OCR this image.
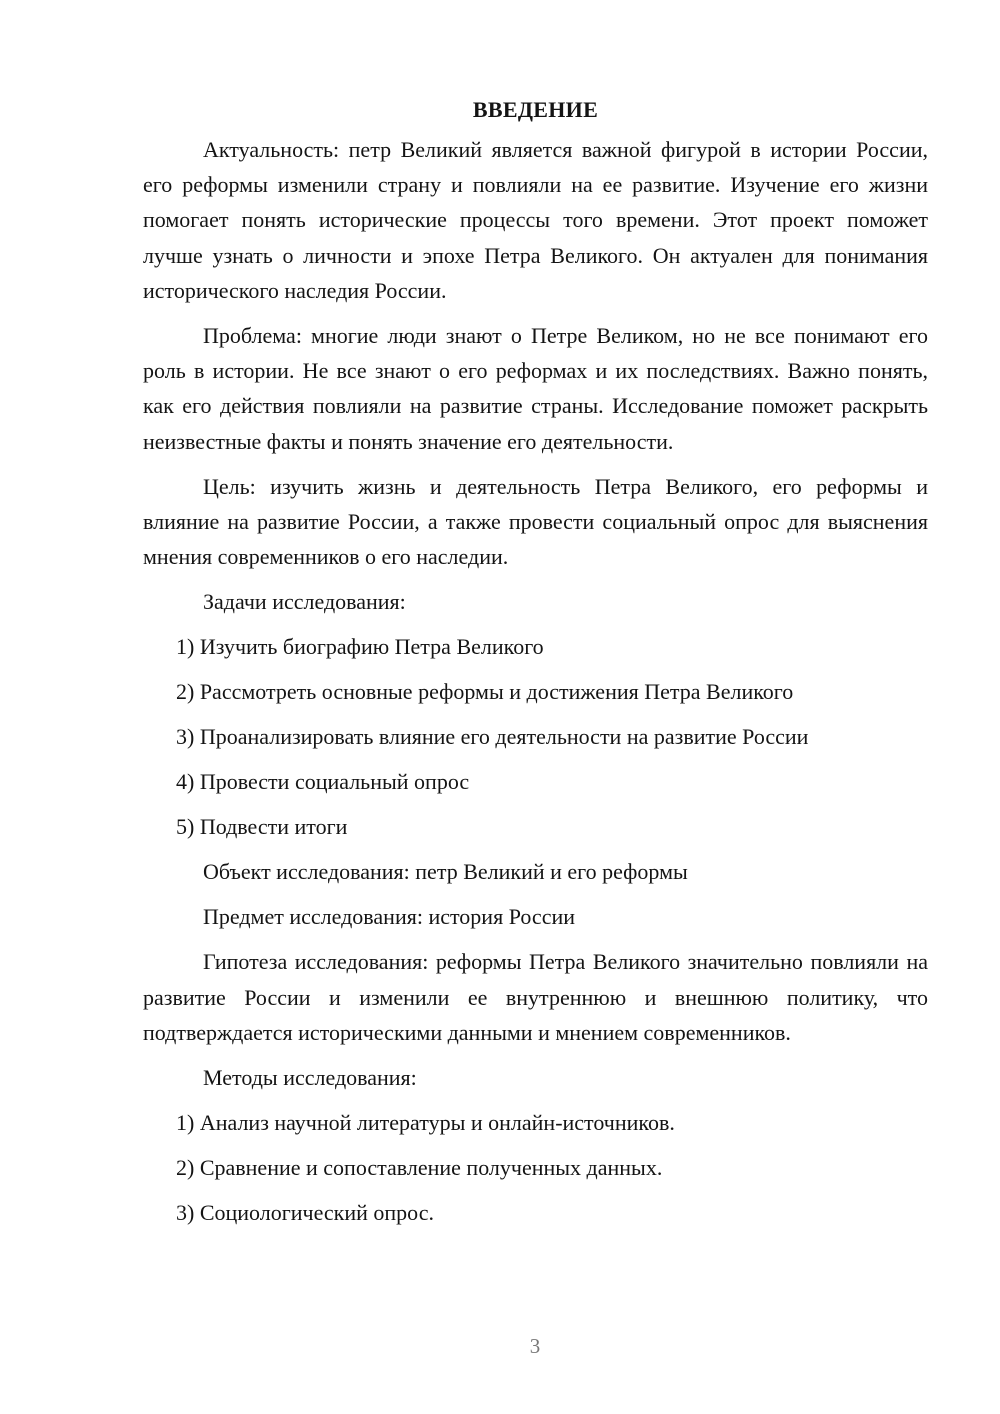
ВВЕДЕНИЕ

Актуальность: петр Великий является важной фигурой в истории России, его реформы изменили страну и повлияли на ее развитие. Изучение его жизни помогает понять исторические процессы того времени. Этот проект поможет лучше узнать о личности и эпохе Петра Великого. Он актуален для понимания исторического наследия России.

Проблема: многие люди знают о Петре Великом, но не все понимают его роль в истории. Не все знают о его реформах и их последствиях. Важно понять, как его действия повлияли на развитие страны. Исследование поможет раскрыть неизвестные факты и понять значение его деятельности.

Цель: изучить жизнь и деятельность Петра Великого, его реформы и влияние на развитие России, а также провести социальный опрос для выяснения мнения современников о его наследии.

Задачи исследования:
1) Изучить биографию Петра Великого
2) Рассмотреть основные реформы и достижения Петра Великого
3) Проанализировать влияние его деятельности на развитие России
4) Провести социальный опрос
5) Подвести итоги
Объект исследования: петр Великий и его реформы
Предмет исследования: история России

Гипотеза исследования: реформы Петра Великого значительно повлияли на развитие России и изменили ее внутреннюю и внешнюю политику, что подтверждается историческими данными и мнением современников.

Методы исследования:
1) Анализ научной литературы и онлайн-источников.
2) Сравнение и сопоставление полученных данных.
3) Социологический опрос.
3
